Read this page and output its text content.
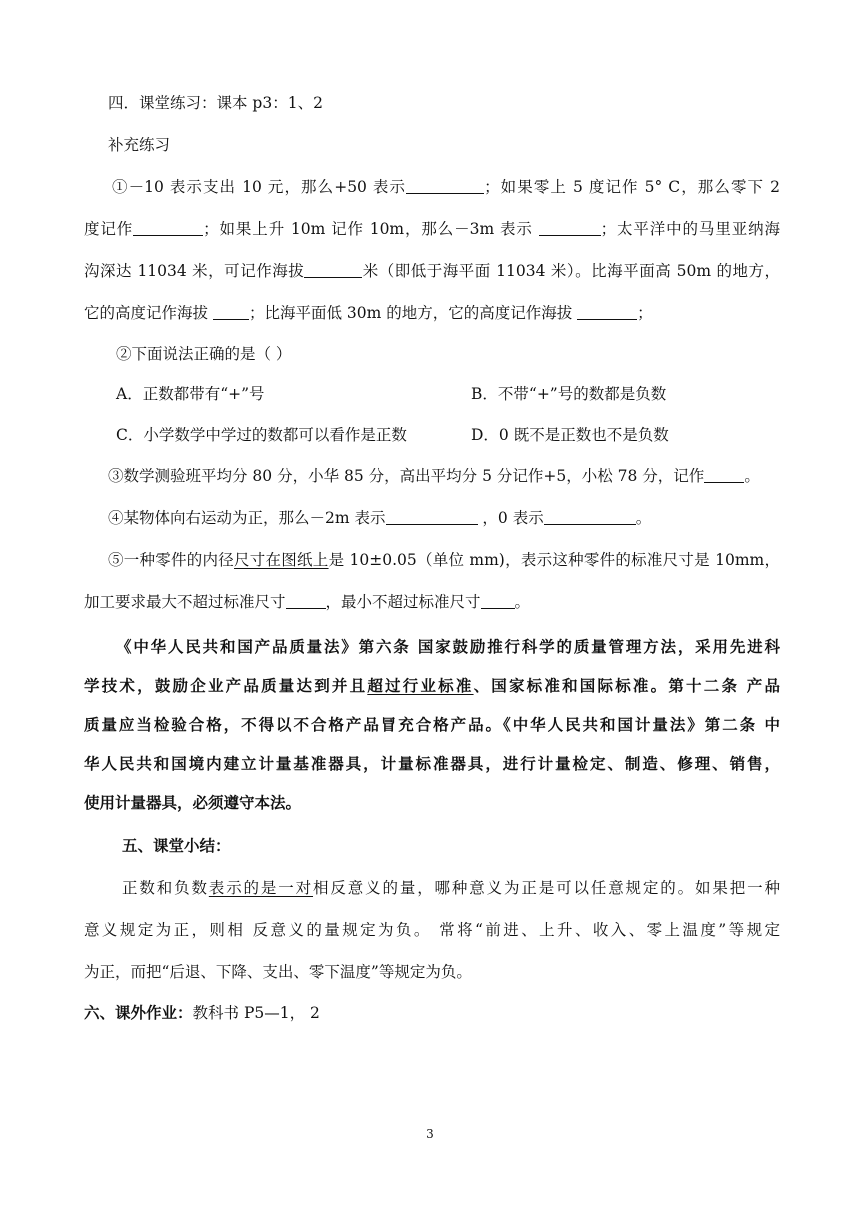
四．课堂练习：课本 p3：1、2
补充练习
①－10 表示支出 10 元，那么+50 表示	；如果零上 5 度记作 5° C，那么零下 2
度记作	；如果上升 10m 记作 10m，那么－3m 表示	；太平洋中的马里亚纳海
沟深达 11034 米，可记作海拔	米（即低于海平面 11034 米）。比海平面高 50m 的地方，
它的高度记作海拔 ；比海平面低 30m 的地方，它的高度记作海拔	；
②下面说法正确的是（ ）
A．正数都带有“+”号	B．不带“+”号的数都是负数
C．小学数学中学过的数都可以看作是正数	D．0 既不是正数也不是负数
③数学测验班平均分 80 分，小华 85 分，高出平均分 5 分记作+5，小松 78 分，记作	。
④某物体向右运动为正，那么－2m 表示	，0 表示	。
⑤一种零件的内径尺寸在图纸上是 10±0.05（单位 mm)，表示这种零件的标准尺寸是 10mm，
加工要求最大不超过标准尺寸	，最小不超过标准尺寸 。
《中华人民共和国产品质量法》第六条 国家鼓励推行科学的质量管理方法，采用先进科
学技术，鼓励企业产品质量达到并且超过行业标准、国家标准和国际标准。第十二条 产品
质量应当检验合格，不得以不合格产品冒充合格产品。《中华人民共和国计量法》第二条 中
华人民共和国境内建立计量基准器具，计量标准器具，进行计量检定、制造、修理、销售，
使用计量器具，必须遵守本法。
五、课堂小结：
正数和负数表示的是一对相反意义的量，哪种意义为正是可以任意规定的。如果把一种
意义规定为正，则相 反意义的量规定为负。 常将“前进、上升、收入、零上温度”等规定
为正，而把“后退、下降、支出、零下温度”等规定为负。
六、课外作业：教科书 P5—1， 2
3
